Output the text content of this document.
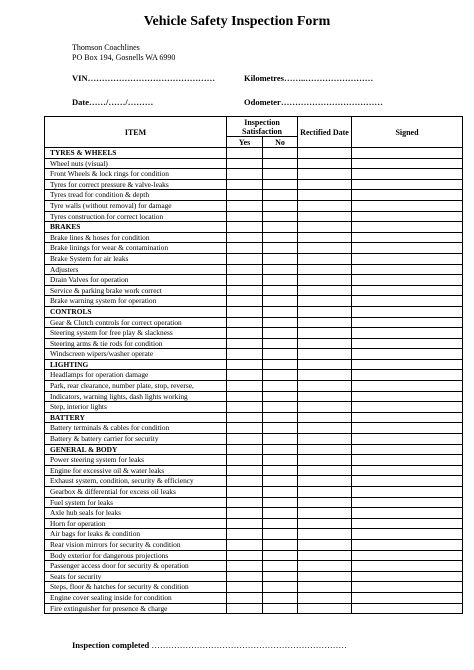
Vehicle Safety Inspection Form
Thomson Coachlines
PO Box 194, Gosnells WA 6990
VIN………………………………………	Kilometres……..……………………
Date……/……/………	Odometer………………………………
ITEM	Inspection Satisfaction		Rectified Date	Signed
	Yes	No		
TYRES & WHEELS				
Wheel nuts (visual)				
Front Wheels & lock rings for condition				
Tyres for correct pressure & valve-leaks				
Tyres tread for condition & depth				
Tyre walls (without removal) for damage				
Tyres construction for correct location				
BRAKES				
Brake lines & hoses for condition				
Brake linings for wear & contamination				
Brake System for air leaks				
Adjusters				
Drain Valves for operation				
Service & parking brake work correct				
Brake warning system for operation				
CONTROLS				
Gear & Clutch controls for correct operation				
Steering system for free play & slackness				
Steering arms & tie rods for condition				
Windscreen wipers/washer operate				
LIGHTING				
Headlamps for operation damage				
Park, rear clearance, number plate, stop, reverse,				
Indicators, warning lights, dash lights working				
Step, interior lights				
BATTERY				
Battery terminals & cables for condition				
Battery & battery carrier for security				
GENERAL & BODY				
Power steering system for leaks				
Engine for excessive oil & water leaks				
Exhaust system, condition, security & efficiency				
Gearbox & differential for excess oil leaks				
Fuel system for leaks				
Axle hub seals for leaks				
Horn for operation				
Air bags for leaks & condition				
Rear vision mirrors for security & condition				
Body exterior for dangerous projections				
Passenger access door for security & operation				
Seats for security				
Steps, floor & hatches for security & condition				
Engine cover sealing inside for condition				
Fire extinguisher for presence & charge				
Inspection completed ……………………………………………………………
